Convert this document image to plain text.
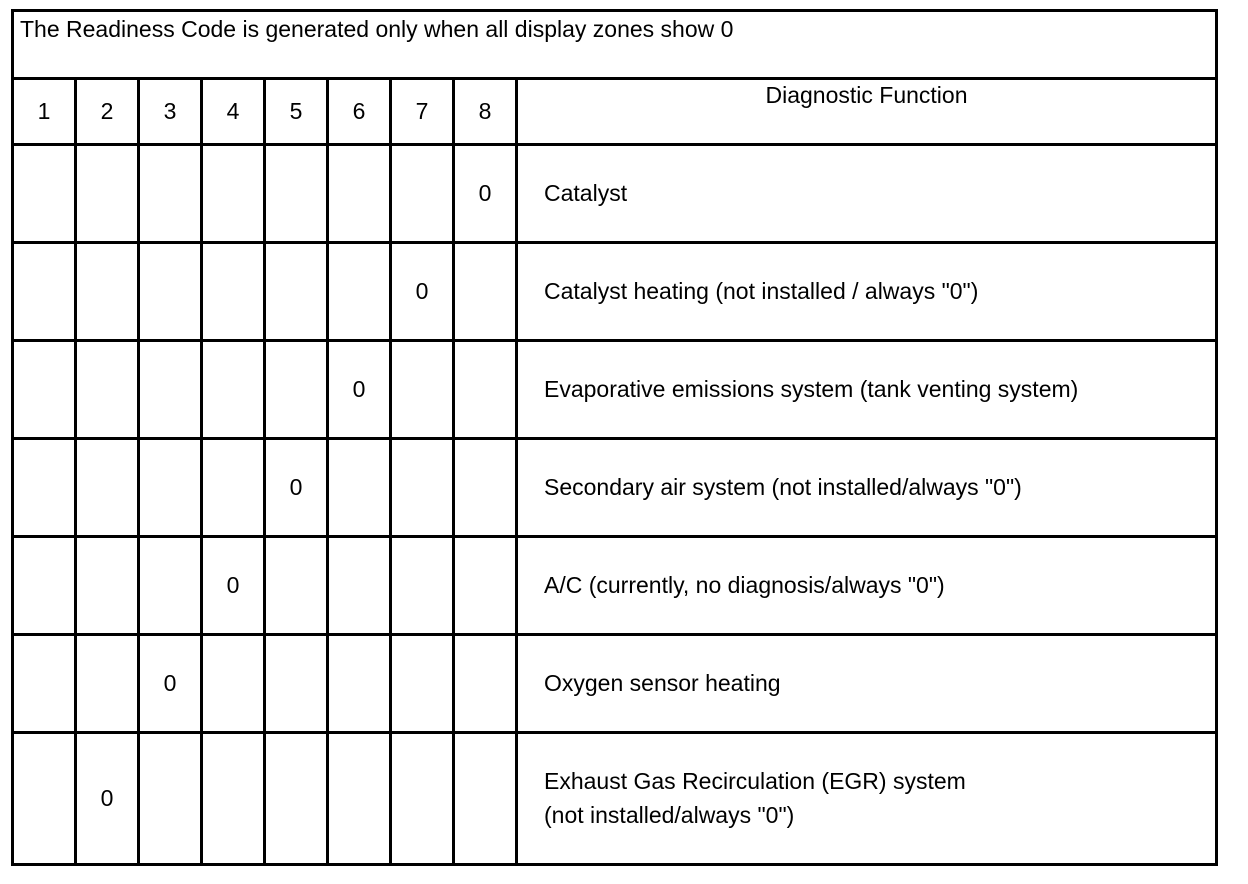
The Readiness Code is generated only when all display zones show 0								
1	2	3	4	5	6	7	8	Diagnostic Function
							0	Catalyst

						0		Catalyst heating (not installed / always "0")

					0			Evaporative emissions system (tank venting system)

				0				Secondary air system (not installed/always "0")

			0					A/C (currently, no diagnosis/always "0")

		0						Oxygen sensor heating

	0							Exhaust Gas Recirculation (EGR) system
(not installed/always "0")
